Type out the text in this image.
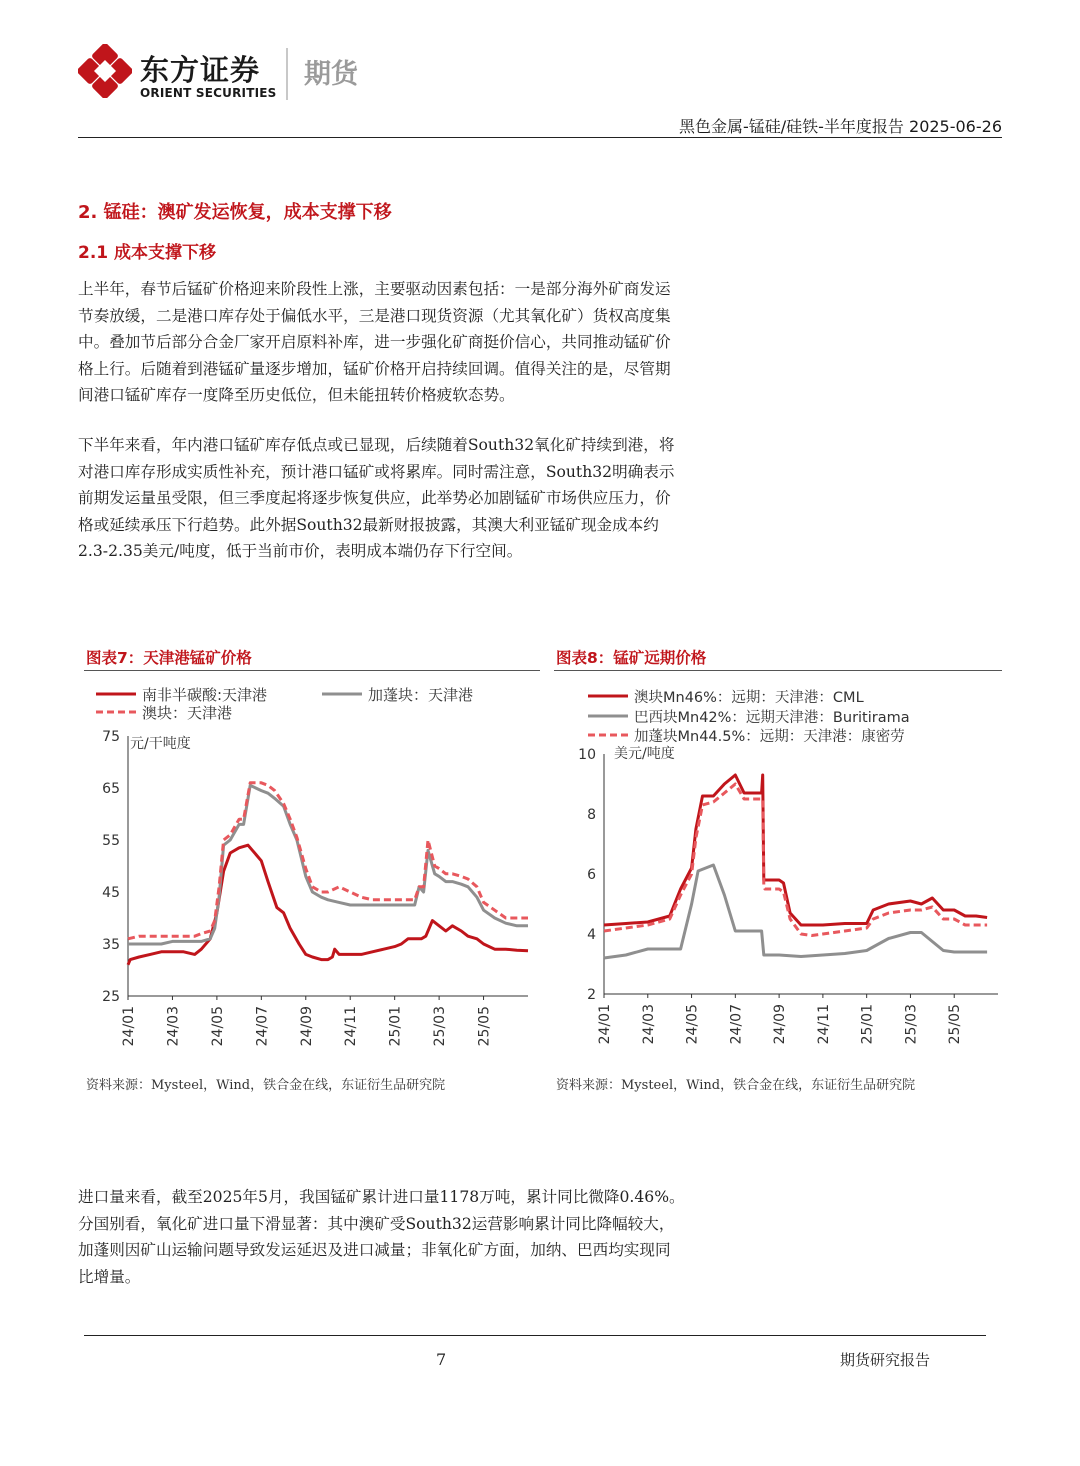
东方证券
ORIENT SECURITIES
期货
黑色金属-锰硅/硅铁-半年度报告 2025-06-26
2. 锰硅：澳矿发运恢复，成本支撑下移
2.1 成本支撑下移
上半年，春节后锰矿价格迎来阶段性上涨，主要驱动因素包括：一是部分海外矿商发运
节奏放缓，二是港口库存处于偏低水平，三是港口现货资源（尤其氧化矿）货权高度集
中。叠加节后部分合金厂家开启原料补库，进一步强化矿商挺价信心，共同推动锰矿价
格上行。后随着到港锰矿量逐步增加，锰矿价格开启持续回调。值得关注的是，尽管期
间港口锰矿库存一度降至历史低位，但未能扭转价格疲软态势。
下半年来看，年内港口锰矿库存低点或已显现，后续随着South32氧化矿持续到港，将
对港口库存形成实质性补充，预计港口锰矿或将累库。同时需注意，South32明确表示
前期发运量虽受限，但三季度起将逐步恢复供应，此举势必加剧锰矿市场供应压力，价
格或延续承压下行趋势。此外据South32最新财报披露，其澳大利亚锰矿现金成本约
2.3-2.35美元/吨度，低于当前市价，表明成本端仍存下行空间。
图表7：天津港锰矿价格
25
35
45
55
65
75 元/干吨度
24/01 24/03 24/05 24/07 24/09 24/11 25/01 25/03 25/05
南非半碳酸:天津港	加蓬块：天津港
澳块：天津港
资料来源：Mysteel，Wind，铁合金在线，东证衍生品研究院
图表8：锰矿远期价格
2
4
6
8
10 美元/吨度
24/01 24/03 24/05 24/07 24/09 24/11 25/01 25/03 25/05
澳块Mn46%：远期：天津港：CML
巴西块Mn42%：远期天津港：Buritirama
加蓬块Mn44.5%：远期：天津港：康密劳
资料来源：Mysteel，Wind，铁合金在线，东证衍生品研究院
进口量来看，截至2025年5月，我国锰矿累计进口量1178万吨，累计同比微降0.46%。
分国别看，氧化矿进口量下滑显著：其中澳矿受South32运营影响累计同比降幅较大，
加蓬则因矿山运输问题导致发运延迟及进口减量；非氧化矿方面，加纳、巴西均实现同
比增量。
7	期货研究报告
